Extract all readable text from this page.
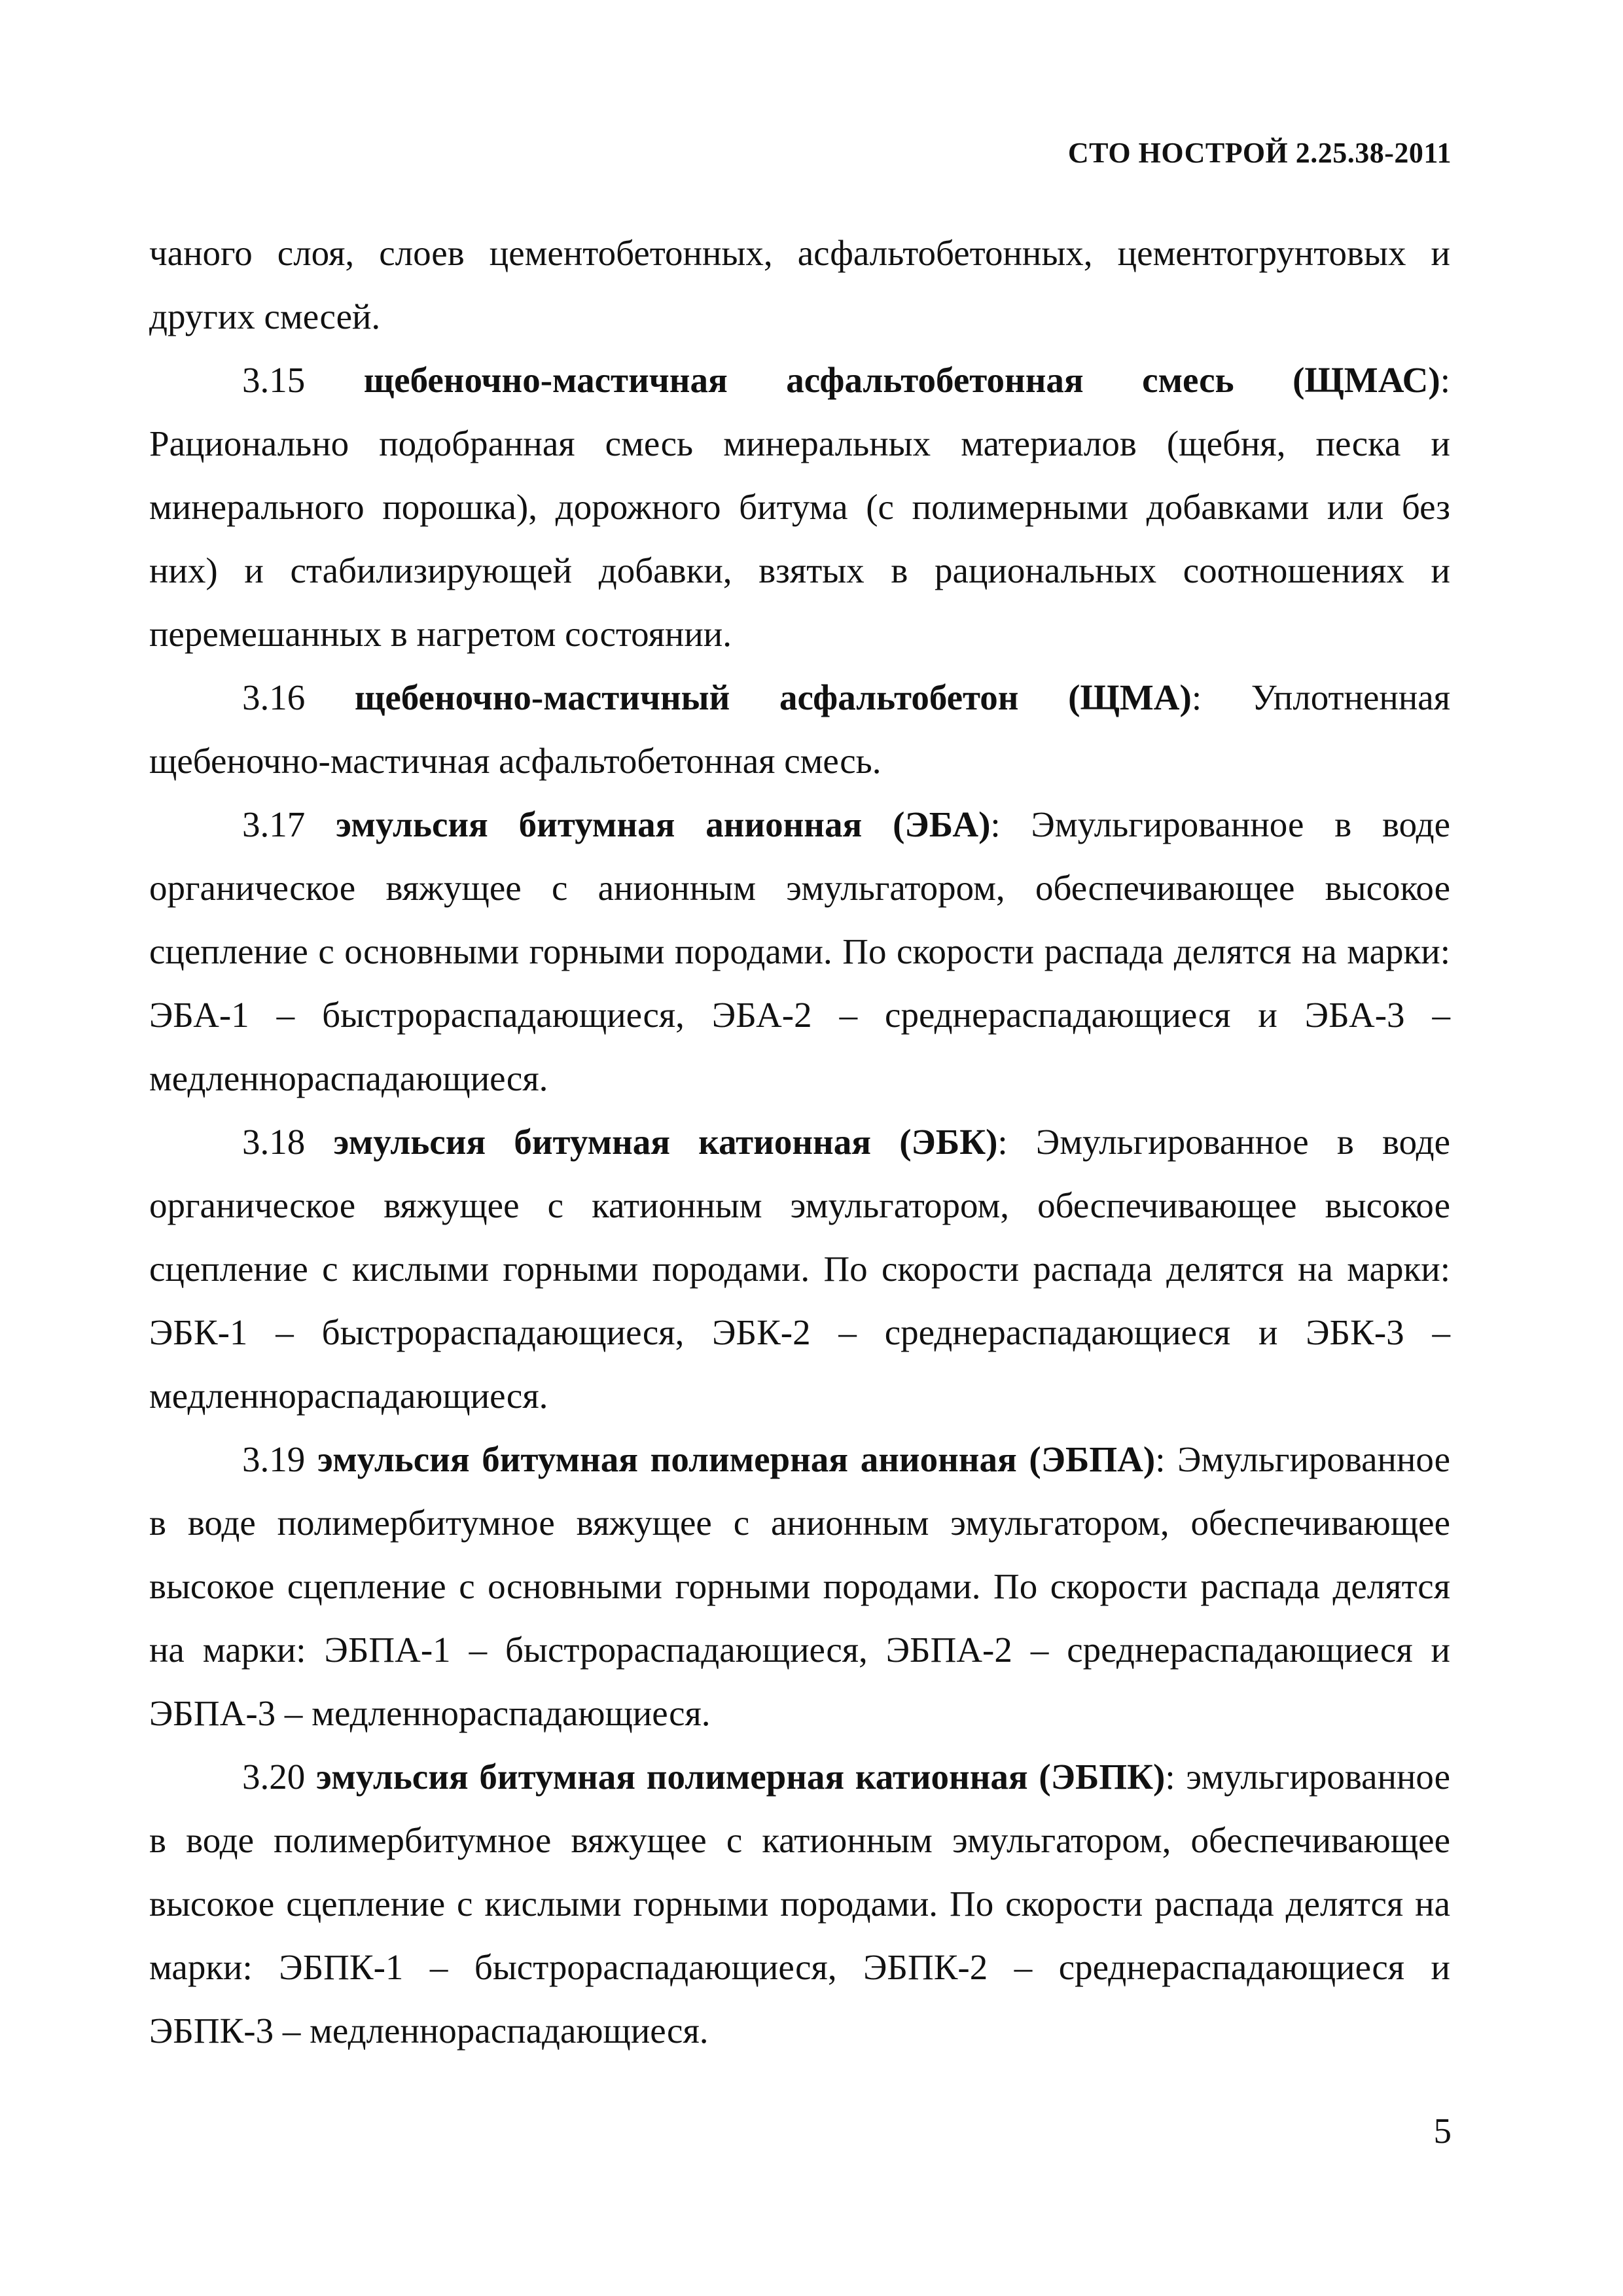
СТО НОСТРОЙ 2.25.38-2011

чаного слоя, слоев цементобетонных, асфальтобетонных, цементогрунтовых и других смесей.

3.15 щебеночно-мастичная асфальтобетонная смесь (ЩМАС): Рационально подобранная смесь минеральных материалов (щебня, песка и минерального порошка), дорожного битума (с полимерными добавками или без них) и стабилизирующей добавки, взятых в рациональных соотношениях и перемешанных в нагретом состоянии.

3.16 щебеночно-мастичный асфальтобетон (ЩМА): Уплотненная щебеночно-мастичная асфальтобетонная смесь.

3.17 эмульсия битумная анионная (ЭБА): Эмульгированное в воде органическое вяжущее с анионным эмульгатором, обеспечивающее высокое сцепление с основными горными породами. По скорости распада делятся на марки: ЭБА-1 – быстрораспадающиеся, ЭБА-2 – среднераспадающиеся и ЭБА-3 – медленнораспадающиеся.

3.18 эмульсия битумная катионная (ЭБК): Эмульгированное в воде органическое вяжущее с катионным эмульгатором, обеспечивающее высокое сцепление с кислыми горными породами. По скорости распада делятся на марки: ЭБК-1 – быстрораспадающиеся, ЭБК-2 – среднераспадающиеся и ЭБК-3 – медленнораспадающиеся.

3.19 эмульсия битумная полимерная анионная (ЭБПА): Эмульгированное в воде полимербитумное вяжущее с анионным эмульгатором, обеспечивающее высокое сцепление с основными горными породами. По скорости распада делятся на марки: ЭБПА-1 – быстрораспадающиеся, ЭБПА-2 – среднераспадающиеся и ЭБПА-3 – медленнораспадающиеся.

3.20 эмульсия битумная полимерная катионная (ЭБПК): эмульгированное в воде полимербитумное вяжущее с катионным эмульгатором, обеспечивающее высокое сцепление с кислыми горными породами. По скорости распада делятся на марки: ЭБПК-1 – быстрораспадающиеся, ЭБПК-2 – среднераспадающиеся и ЭБПК-3 – медленнораспадающиеся.

5
